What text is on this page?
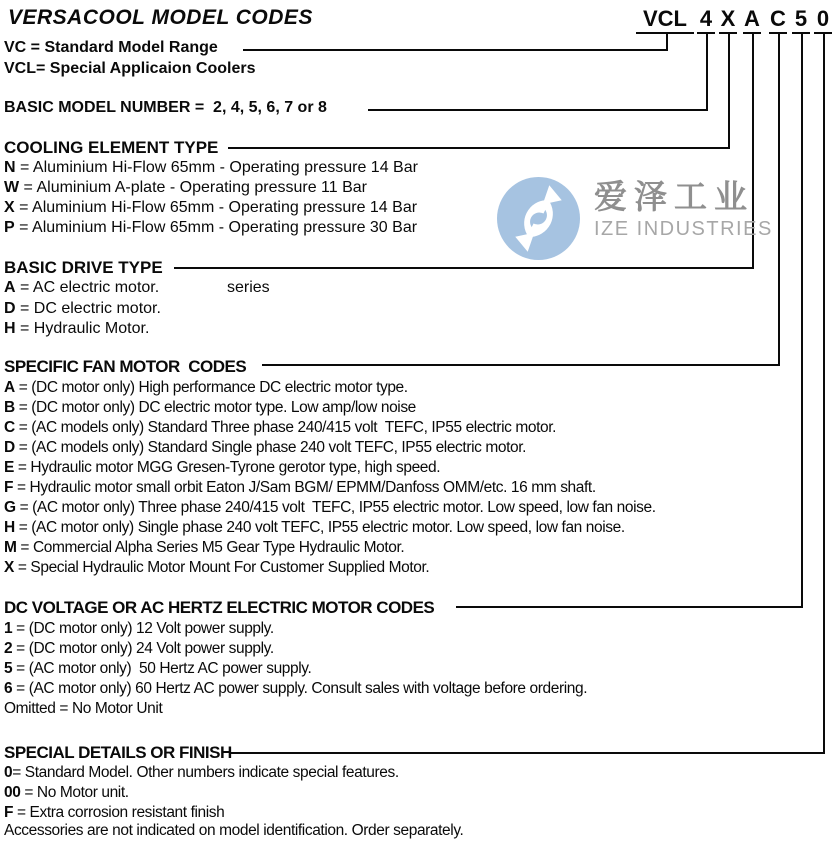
VERSACOOL MODEL CODES	VCL 4 X A C 5 0
VC = Standard Model Range
VCL= Special Applicaion Coolers
BASIC MODEL NUMBER =  2, 4, 5, 6, 7 or 8
COOLING ELEMENT TYPE
N = Aluminium Hi-Flow 65mm - Operating pressure 14 Bar
W = Aluminium A-plate - Operating pressure 11 Bar
X = Aluminium Hi-Flow 65mm - Operating pressure 14 Bar
P = Aluminium Hi-Flow 65mm - Operating pressure 30 Bar
爱泽工业
IZE INDUSTRIES
BASIC DRIVE TYPE
A = AC electric motor.	series
D = DC electric motor.
H = Hydraulic Motor.
SPECIFIC FAN MOTOR  CODES
A = (DC motor only) High performance DC electric motor type.
B = (DC motor only) DC electric motor type. Low amp/low noise
C = (AC models only) Standard Three phase 240/415 volt  TEFC, IP55 electric motor.
D = (AC models only) Standard Single phase 240 volt TEFC, IP55 electric motor.
E = Hydraulic motor MGG Gresen-Tyrone gerotor type, high speed.
F = Hydraulic motor small orbit Eaton J/Sam BGM/ EPMM/Danfoss OMM/etc. 16 mm shaft.
G = (AC motor only) Three phase 240/415 volt  TEFC, IP55 electric motor. Low speed, low fan noise.
H = (AC motor only) Single phase 240 volt TEFC, IP55 electric motor. Low speed, low fan noise.
M = Commercial Alpha Series M5 Gear Type Hydraulic Motor.
X = Special Hydraulic Motor Mount For Customer Supplied Motor.
DC VOLTAGE OR AC HERTZ ELECTRIC MOTOR CODES
1 = (DC motor only) 12 Volt power supply.
2 = (DC motor only) 24 Volt power supply.
5 = (AC motor only)  50 Hertz AC power supply.
6 = (AC motor only) 60 Hertz AC power supply. Consult sales with voltage before ordering.
Omitted = No Motor Unit
SPECIAL DETAILS OR FINISH
0= Standard Model. Other numbers indicate special features.
00 = No Motor unit.
F = Extra corrosion resistant finish
Accessories are not indicated on model identification. Order separately.
